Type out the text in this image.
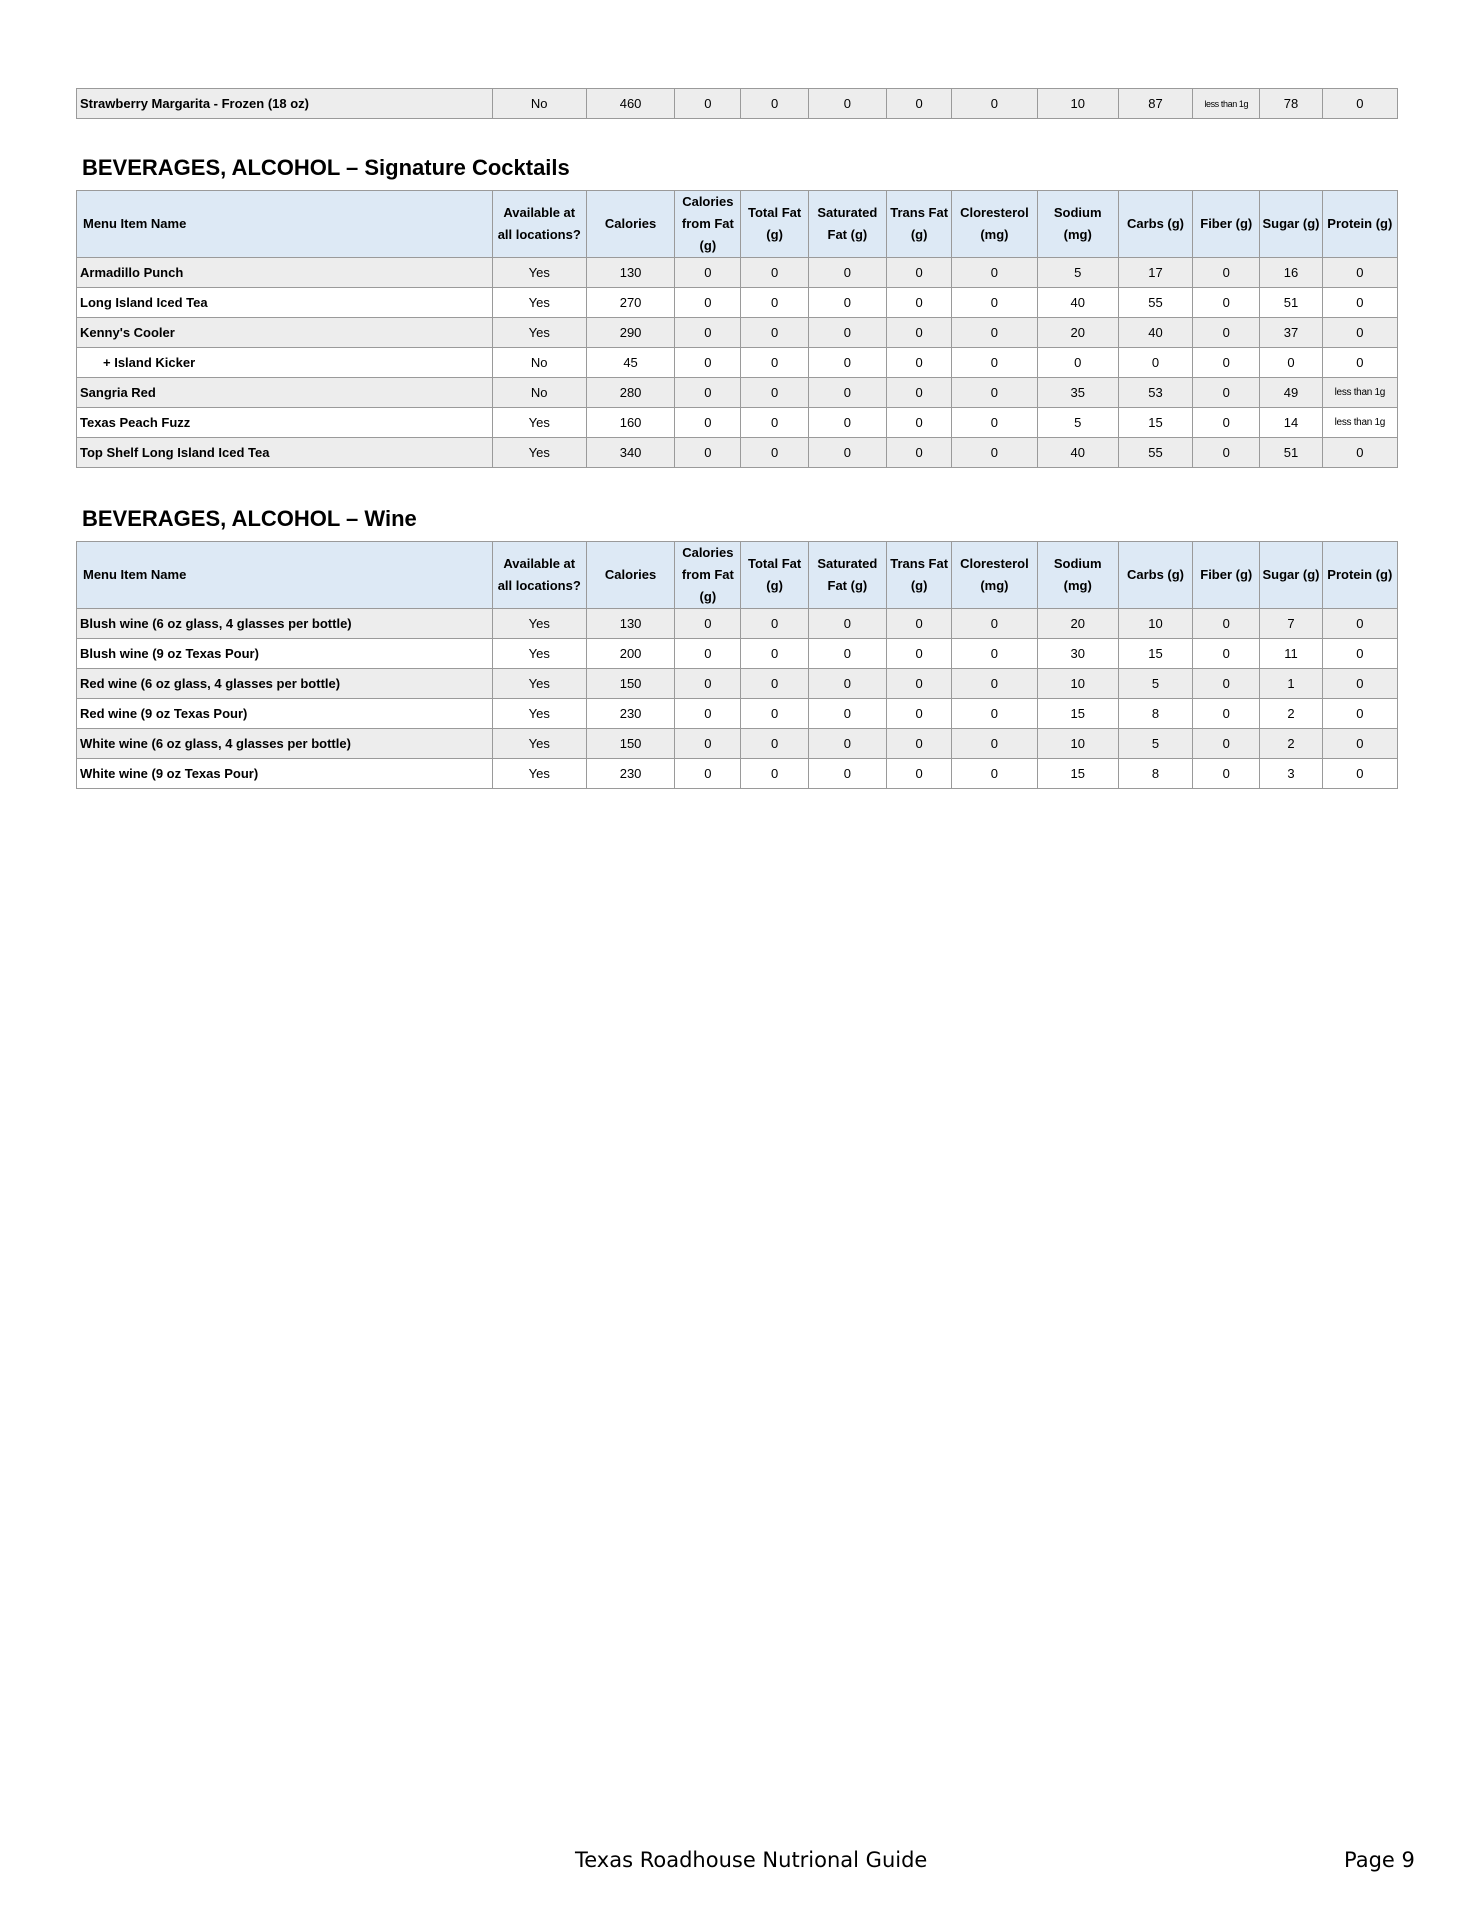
Strawberry Margarita - Frozen (18 oz)	No	460	0	0	0	0	0	10	87	less than 1g	78	0
BEVERAGES, ALCOHOL – Signature Cocktails
Menu Item Name	Available at all locations?	Calories	Calories from Fat (g)	Total Fat (g)	Saturated Fat (g)	Trans Fat (g)	Cloresterol (mg)	Sodium (mg)	Carbs (g)	Fiber (g)	Sugar (g)	Protein (g)
Armadillo Punch	Yes	130	0	0	0	0	0	5	17	0	16	0
Long Island Iced Tea	Yes	270	0	0	0	0	0	40	55	0	51	0
Kenny's Cooler	Yes	290	0	0	0	0	0	20	40	0	37	0
+ Island Kicker	No	45	0	0	0	0	0	0	0	0	0	0
Sangria Red	No	280	0	0	0	0	0	35	53	0	49	less than 1g
Texas Peach Fuzz	Yes	160	0	0	0	0	0	5	15	0	14	less than 1g
Top Shelf Long Island Iced Tea	Yes	340	0	0	0	0	0	40	55	0	51	0
BEVERAGES, ALCOHOL – Wine
Menu Item Name	Available at all locations?	Calories	Calories from Fat (g)	Total Fat (g)	Saturated Fat (g)	Trans Fat (g)	Cloresterol (mg)	Sodium (mg)	Carbs (g)	Fiber (g)	Sugar (g)	Protein (g)
Blush wine (6 oz glass, 4 glasses per bottle)	Yes	130	0	0	0	0	0	20	10	0	7	0
Blush wine (9 oz Texas Pour)	Yes	200	0	0	0	0	0	30	15	0	11	0
Red wine (6 oz glass, 4 glasses per bottle)	Yes	150	0	0	0	0	0	10	5	0	1	0
Red wine (9 oz Texas Pour)	Yes	230	0	0	0	0	0	15	8	0	2	0
White wine (6 oz glass, 4 glasses per bottle)	Yes	150	0	0	0	0	0	10	5	0	2	0
White wine (9 oz Texas Pour)	Yes	230	0	0	0	0	0	15	8	0	3	0
Texas Roadhouse Nutrional Guide	Page 9
